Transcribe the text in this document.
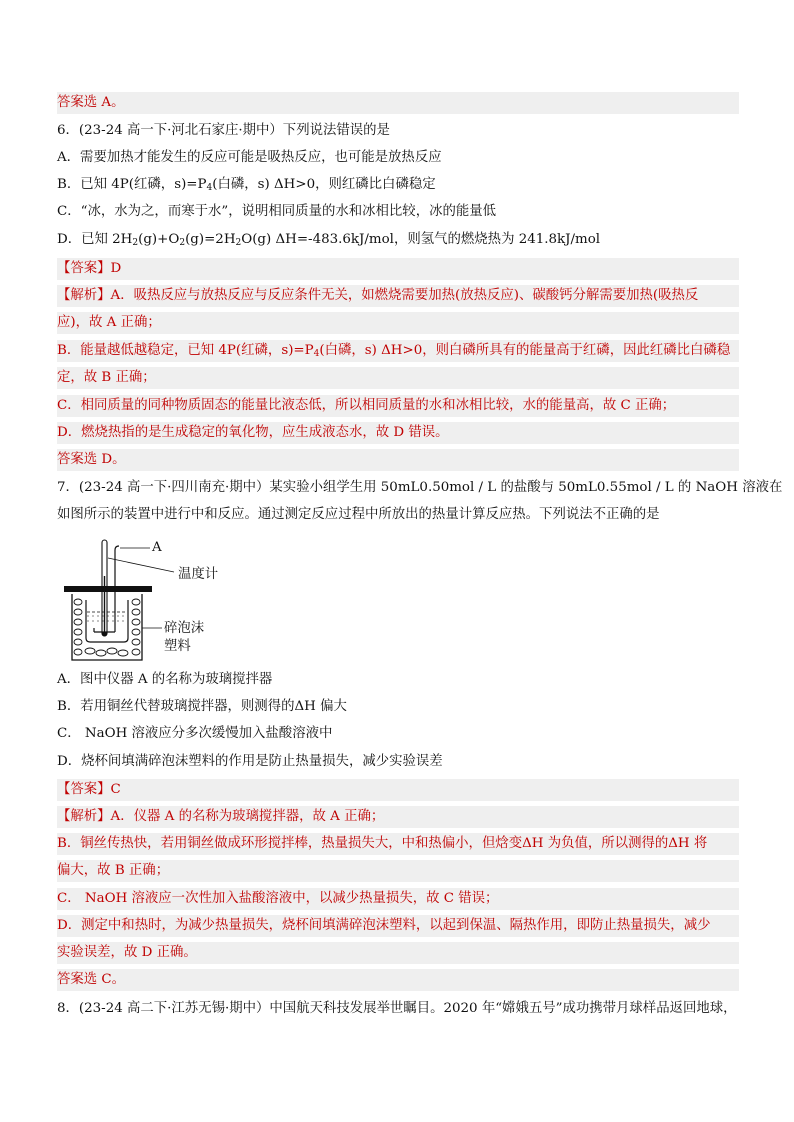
答案选 A。
6．(23-24 高一下·河北石家庄·期中）下列说法错误的是
A．需要加热才能发生的反应可能是吸热反应，也可能是放热反应
B．已知 4P(红磷，$s)=P_4$(白磷，s) ΔH>0，则红磷比白磷稳定
C．“冰，水为之，而寒于水”，说明相同质量的水和冰相比较，冰的能量低
D．已知 $2H_2(g)+O_2(g)=2H_2O(g)$ ΔH=-483.6kJ/mol，则氢气的燃烧热为 241.8kJ/mol
【答案】D
【解析】A．吸热反应与放热反应与反应条件无关，如燃烧需要加热(放热反应)、碳酸钙分解需要加热(吸热反
应)，故 A 正确；
B．能量越低越稳定，已知 4P(红磷，$s)=P_4$(白磷，s) ΔH>0，则白磷所具有的能量高于红磷，因此红磷比白磷稳
定，故 B 正确；
C．相同质量的同种物质固态的能量比液态低，所以相同质量的水和冰相比较，水的能量高，故 C 正确；
D．燃烧热指的是生成稳定的氧化物，应生成液态水，故 D 错误。
答案选 D。
7．(23-24 高一下·四川南充·期中）某实验小组学生用 50mL0.50mol / L 的盐酸与 50mL0.55mol / L 的 NaOH 溶液在
如图所示的装置中进行中和反应。通过测定反应过程中所放出的热量计算反应热。下列说法不正确的是
A
温度计
碎泡沫
塑料
A．图中仪器 A 的名称为玻璃搅拌器
B．若用铜丝代替玻璃搅拌器，则测得的ΔH 偏大
C． NaOH 溶液应分多次缓慢加入盐酸溶液中
D．烧杯间填满碎泡沫塑料的作用是防止热量损失，减少实验误差
【答案】C
【解析】A．仪器 A 的名称为玻璃搅拌器，故 A 正确；
B．铜丝传热快，若用铜丝做成环形搅拌棒，热量损失大，中和热偏小，但焓变ΔH 为负值，所以测得的ΔH 将
偏大，故 B 正确；
C． NaOH 溶液应一次性加入盐酸溶液中，以减少热量损失，故 C 错误；
D．测定中和热时，为减少热量损失，烧杯间填满碎泡沫塑料，以起到保温、隔热作用，即防止热量损失，减少
实验误差，故 D 正确。
答案选 C。
8．(23-24 高二下·江苏无锡·期中）中国航天科技发展举世瞩目。2020 年“嫦娥五号”成功携带月球样品返回地球，
